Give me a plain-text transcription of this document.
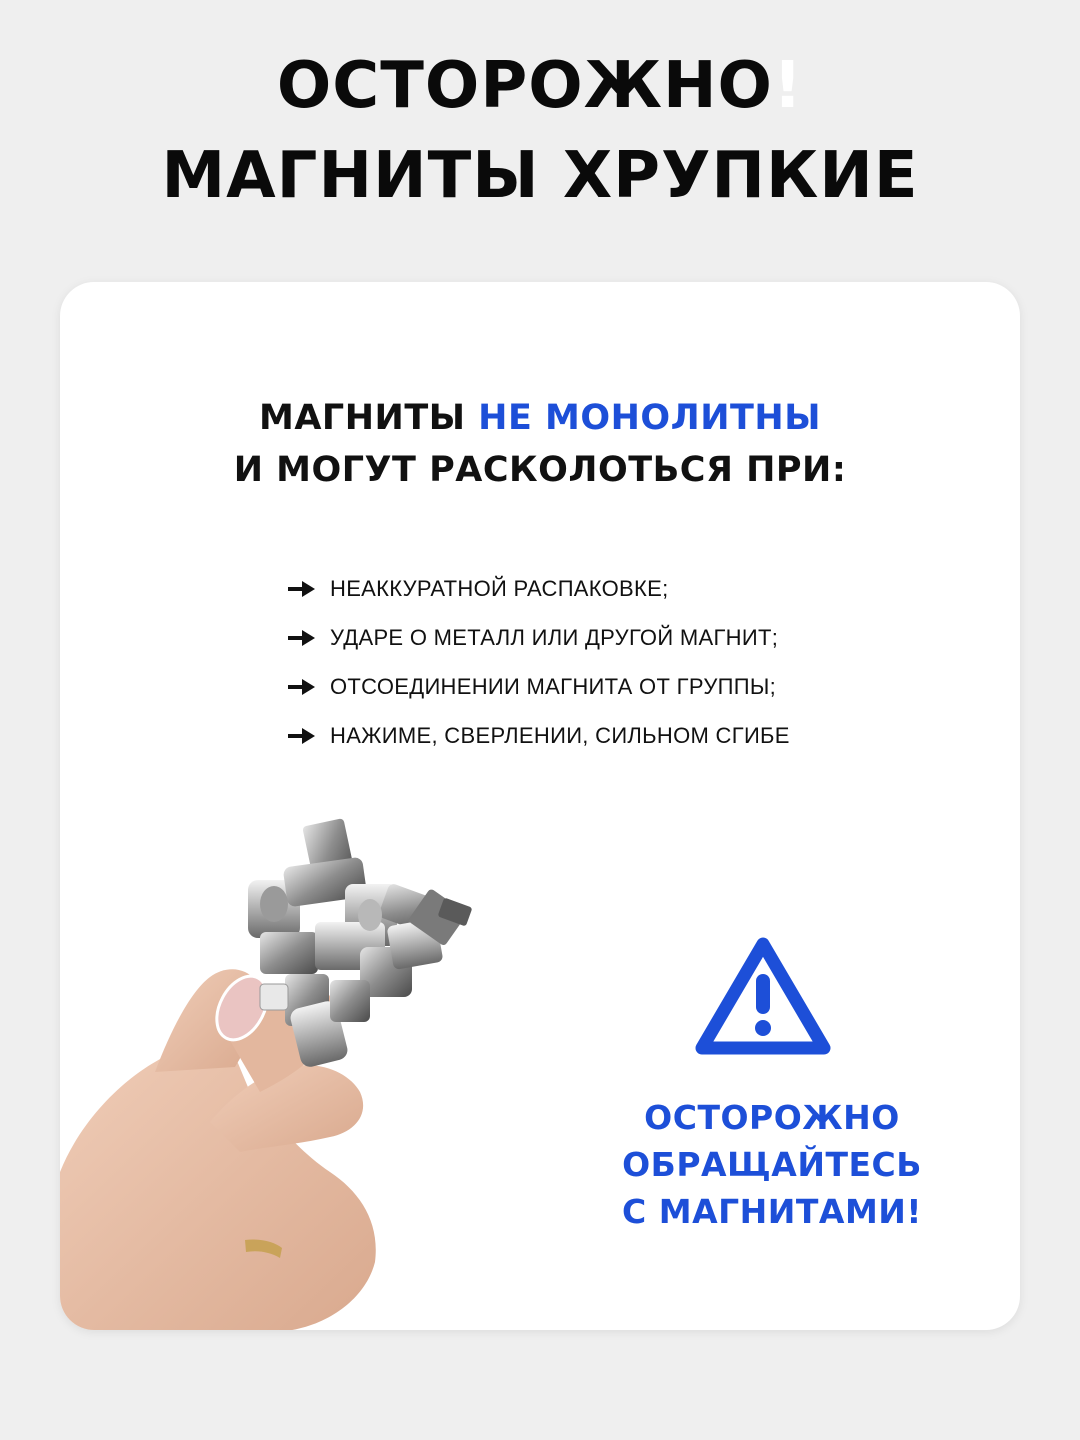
ОСТОРОЖНО!
МАГНИТЫ ХРУПКИЕ
МАГНИТЫ НЕ МОНОЛИТНЫ
И МОГУТ РАСКОЛОТЬСЯ ПРИ:
НЕАККУРАТНОЙ РАСПАКОВКЕ;
УДАРЕ О МЕТАЛЛ ИЛИ ДРУГОЙ МАГНИТ;
ОТСОЕДИНЕНИИ МАГНИТА ОТ ГРУППЫ;
НАЖИМЕ, СВЕРЛЕНИИ, СИЛЬНОМ СГИБЕ
ОСТОРОЖНО
ОБРАЩАЙТЕСЬ
С МАГНИТАМИ!
